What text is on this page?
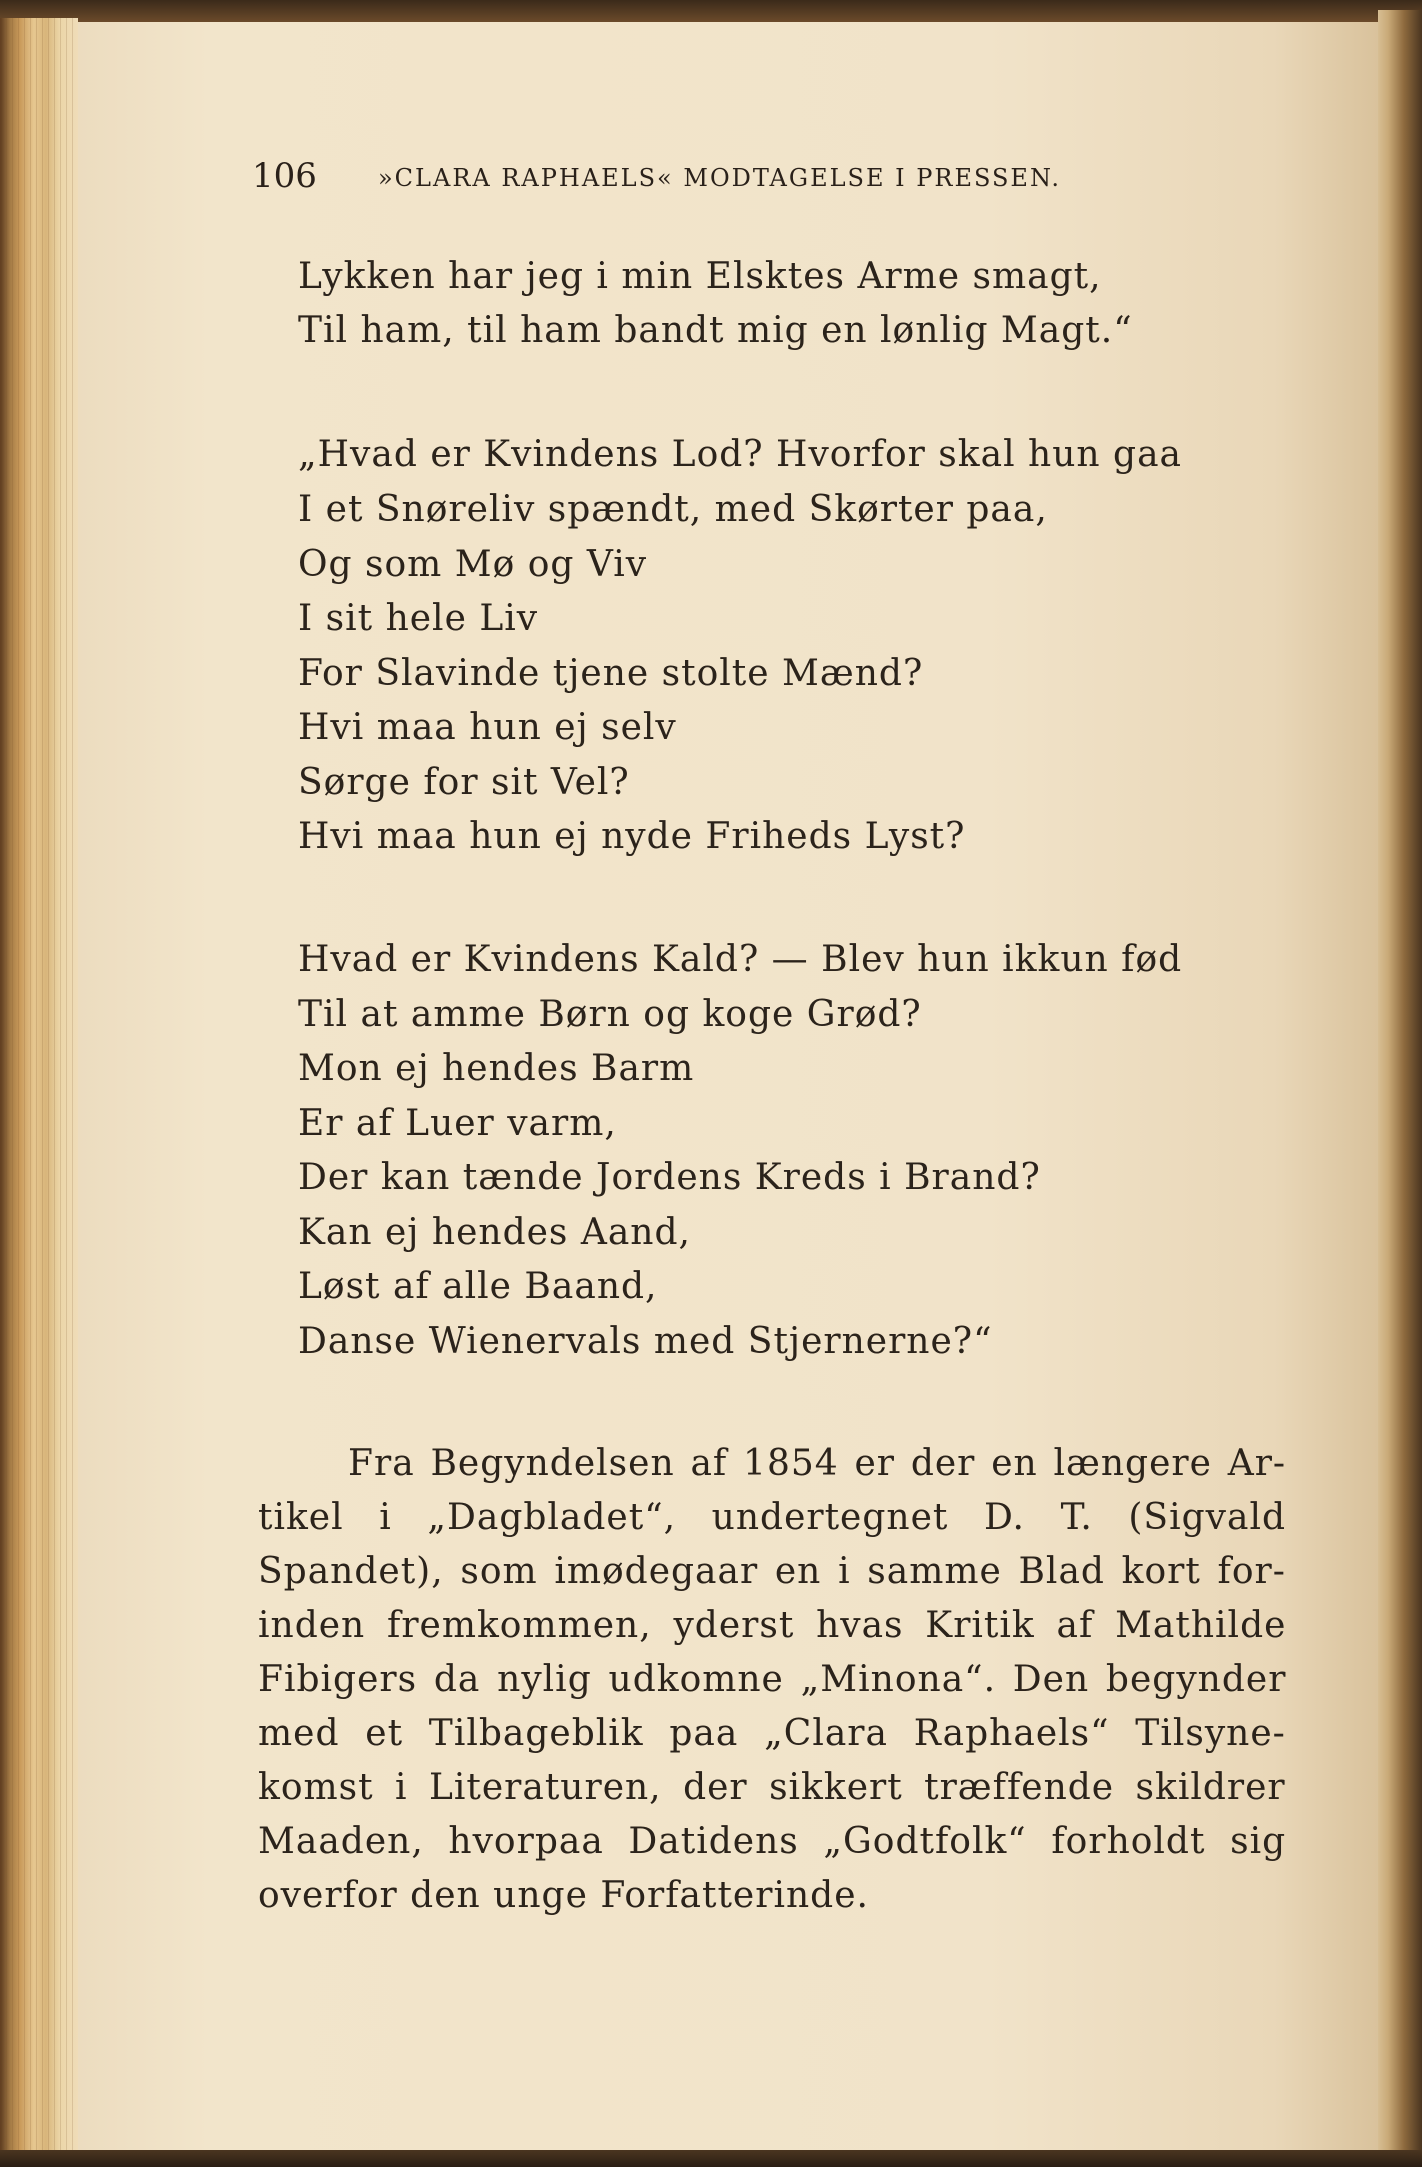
106	»CLARA RAPHAELS« MODTAGELSE I PRESSEN.
Lykken har jeg i min Elsktes Arme smagt,
Til ham, til ham bandt mig en lønlig Magt.“
„Hvad er Kvindens Lod? Hvorfor skal hun gaa
I et Snøreliv spændt, med Skørter paa,
Og som Mø og Viv
I sit hele Liv
For Slavinde tjene stolte Mænd?
Hvi maa hun ej selv
Sørge for sit Vel?
Hvi maa hun ej nyde Friheds Lyst?
Hvad er Kvindens Kald? — Blev hun ikkun fød
Til at amme Børn og koge Grød?
Mon ej hendes Barm
Er af Luer varm,
Der kan tænde Jordens Kreds i Brand?
Kan ej hendes Aand,
Løst af alle Baand,
Danse Wienervals med Stjernerne?“
Fra Begyndelsen af 1854 er der en længere Ar-
tikel i „Dagbladet“, undertegnet D. T. (Sigvald
Spandet), som imødegaar en i samme Blad kort for-
inden fremkommen, yderst hvas Kritik af Mathilde
Fibigers da nylig udkomne „Minona“. Den begynder
med et Tilbageblik paa „Clara Raphaels“ Tilsyne-
komst i Literaturen, der sikkert træffende skildrer
Maaden, hvorpaa Datidens „Godtfolk“ forholdt sig
overfor den unge Forfatterinde.
